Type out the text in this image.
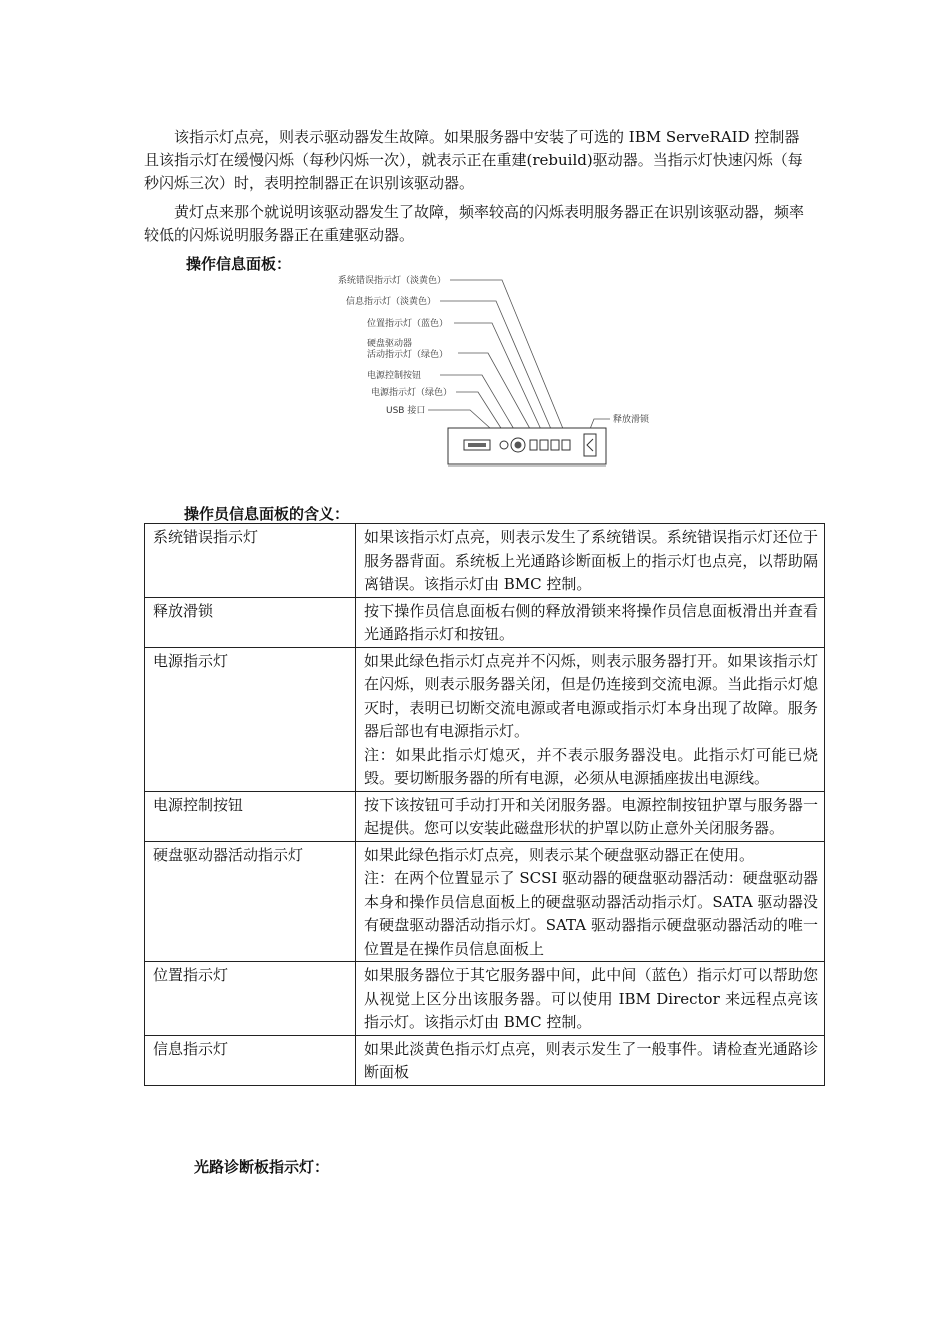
该指示灯点亮，则表示驱动器发生故障。如果服务器中安装了可选的 IBM ServeRAID 控制器且该指示灯在缓慢闪烁（每秒闪烁一次），就表示正在重建(rebuild)驱动器。当指示灯快速闪烁（每秒闪烁三次）时，表明控制器正在识别该驱动器。

黄灯点来那个就说明该驱动器发生了故障，频率较高的闪烁表明服务器正在识别该驱动器，频率较低的闪烁说明服务器正在重建驱动器。

操作信息面板：

系统错误指示灯（淡黄色）
信息指示灯（淡黄色）
位置指示灯（蓝色）
硬盘驱动器
活动指示灯（绿色）
电源控制按钮
电源指示灯（绿色）
USB 接口
释放滑锁

操作员信息面板的含义：

系统错误指示灯	如果该指示灯点亮，则表示发生了系统错误。系统错误指示灯还位于服务器背面。系统板上光通路诊断面板上的指示灯也点亮，以帮助隔离错误。该指示灯由 BMC 控制。

释放滑锁	按下操作员信息面板右侧的释放滑锁来将操作员信息面板滑出并查看光通路指示灯和按钮。

电源指示灯	如果此绿色指示灯点亮并不闪烁，则表示服务器打开。如果该指示灯在闪烁，则表示服务器关闭，但是仍连接到交流电源。当此指示灯熄灭时，表明已切断交流电源或者电源或指示灯本身出现了故障。服务器后部也有电源指示灯。
注：如果此指示灯熄灭，并不表示服务器没电。此指示灯可能已烧毁。要切断服务器的所有电源，必须从电源插座拔出电源线。

电源控制按钮	按下该按钮可手动打开和关闭服务器。电源控制按钮护罩与服务器一起提供。您可以安装此磁盘形状的护罩以防止意外关闭服务器。

硬盘驱动器活动指示灯	如果此绿色指示灯点亮，则表示某个硬盘驱动器正在使用。
注：在两个位置显示了 SCSI 驱动器的硬盘驱动器活动：硬盘驱动器本身和操作员信息面板上的硬盘驱动器活动指示灯。SATA 驱动器没有硬盘驱动器活动指示灯。SATA 驱动器指示硬盘驱动器活动的唯一位置是在操作员信息面板上

位置指示灯	如果服务器位于其它服务器中间，此中间（蓝色）指示灯可以帮助您从视觉上区分出该服务器。可以使用 IBM Director 来远程点亮该指示灯。该指示灯由 BMC 控制。

信息指示灯	如果此淡黄色指示灯点亮，则表示发生了一般事件。请检查光通路诊断面板

光路诊断板指示灯：
